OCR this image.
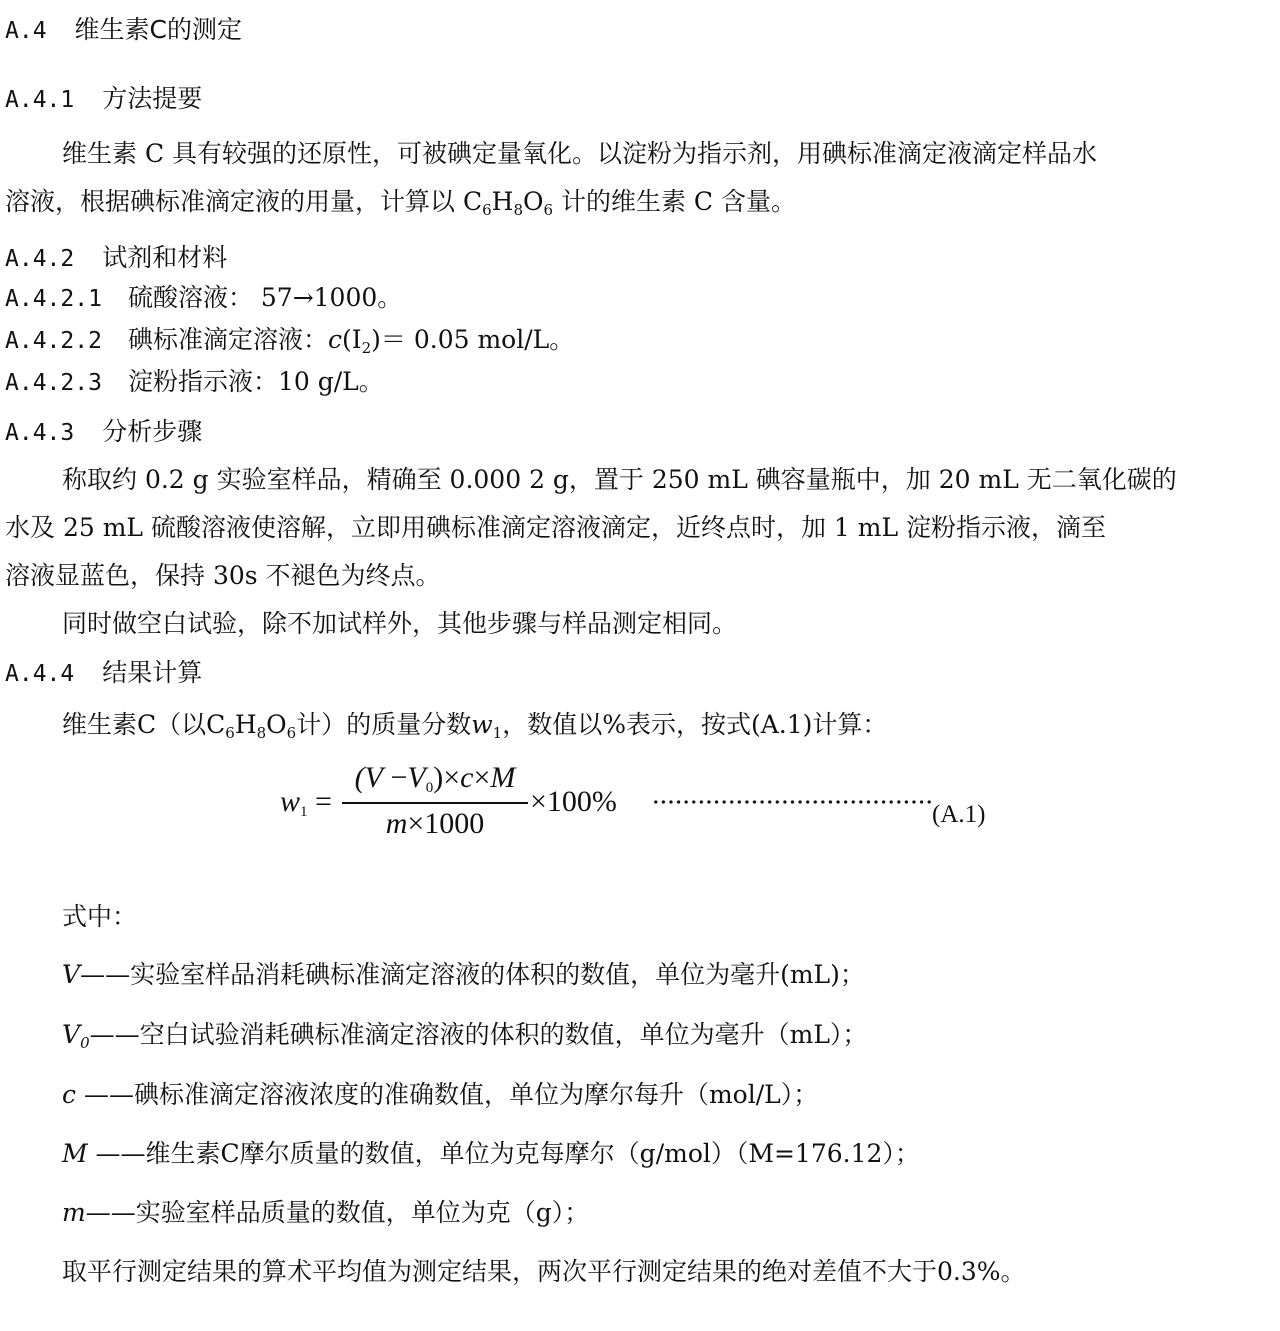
A.4 维生素C的测定
A.4.1 方法提要
维生素 C 具有较强的还原性，可被碘定量氧化。以淀粉为指示剂，用碘标准滴定液滴定样品水
溶液，根据碘标准滴定液的用量，计算以 $C_6H_8O_6$ 计的维生素 C 含量。
A.4.2 试剂和材料
A.4.2.1 硫酸溶液： 57→1000。
A.4.2.2 碘标准滴定溶液：$c(I_2)= 0.05$ mol/L。
A.4.2.3 淀粉指示液：10 g/L。
A.4.3 分析步骤
称取约 0.2 g 实验室样品，精确至 0.000 2 g，置于 250 mL 碘容量瓶中，加 20 mL 无二氧化碳的
水及 25 mL 硫酸溶液使溶解，立即用碘标准滴定溶液滴定，近终点时，加 1 mL 淀粉指示液，滴至
溶液显蓝色，保持 30s 不褪色为终点。
同时做空白试验，除不加试样外，其他步骤与样品测定相同。
A.4.4 结果计算
维生素C（以$C_6H_8O_6$计）的质量分数$w_1$，数值以%表示，按式(A.1)计算：
$w_1$ =
$(V -V_0)\times c\times M$
m×1000
×100%	(A.1)
式中：
V——实验室样品消耗碘标准滴定溶液的体积的数值，单位为毫升(mL)；
$V_0——$空白试验消耗碘标准滴定溶液的体积的数值，单位为毫升（mL）；
c ——碘标准滴定溶液浓度的准确数值，单位为摩尔每升（mol/L）；
M ——维生素C摩尔质量的数值，单位为克每摩尔（g/mol）（M=176.12）；
m——实验室样品质量的数值，单位为克（g）；
取平行测定结果的算术平均值为测定结果，两次平行测定结果的绝对差值不大于0.3%。
